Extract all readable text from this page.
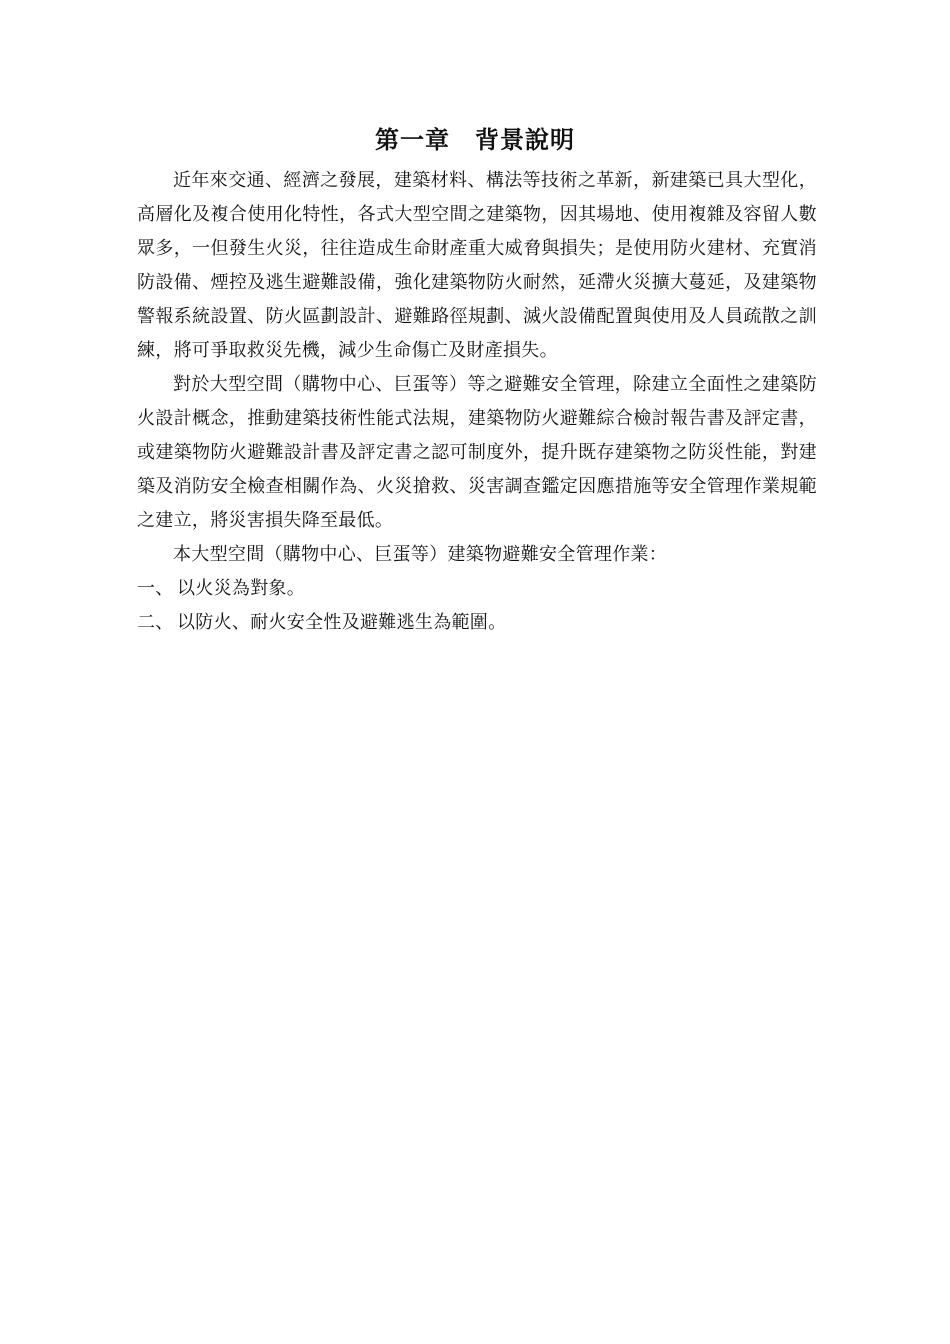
第一章　背景說明

近年來交通、經濟之發展，建築材料、構法等技術之革新，新建築已具大型化，高層化及複合使用化特性，各式大型空間之建築物，因其場地、使用複雜及容留人數眾多，一但發生火災，往往造成生命財產重大威脅與損失；是使用防火建材、充實消防設備、煙控及逃生避難設備，強化建築物防火耐然，延滯火災擴大蔓延，及建築物警報系統設置、防火區劃設計、避難路徑規劃、滅火設備配置與使用及人員疏散之訓練，將可爭取救災先機，減少生命傷亡及財產損失。

對於大型空間（購物中心、巨蛋等）等之避難安全管理，除建立全面性之建築防火設計概念，推動建築技術性能式法規，建築物防火避難綜合檢討報告書及評定書，或建築物防火避難設計書及評定書之認可制度外，提升既存建築物之防災性能，對建築及消防安全檢查相關作為、火災搶救、災害調查鑑定因應措施等安全管理作業規範之建立，將災害損失降至最低。

本大型空間（購物中心、巨蛋等）建築物避難安全管理作業：

一、 以火災為對象。
二、 以防火、耐火安全性及避難逃生為範圍。
